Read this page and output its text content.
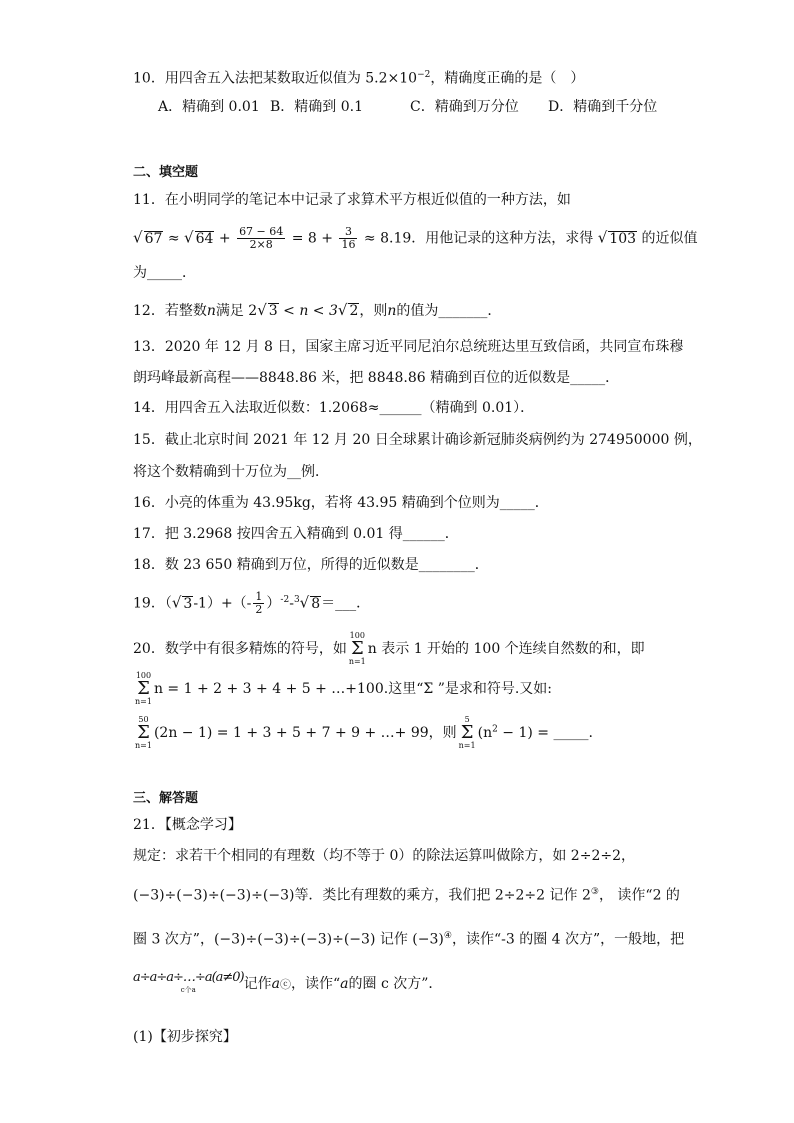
10．用四舍五入法把某数取近似值为 $5.2\times 10^{-2}$，精确度正确的是（　）
A．精确到 0.01 B．精确到 0.1	C．精确到万分位 D．精确到千分位
二、填空题
11．在小明同学的笔记本中记录了求算术平方根近似值的一种方法，如
√ 67 ≈ √ $64 + \frac{67 - 64}{2\times 8} = 8 + \frac{3}{16} \approx 8.19$．用他记录的这种方法，求得 √ 103 的近似值
为_____．
12．若整数n满足 2√ 3 < n < 3√ 2，则n的值为_______．
13．2020 年 12 月 8 日，国家主席习近平同尼泊尔总统班达里互致信函，共同宣布珠穆
朗玛峰最新高程——8848.86 米，把 8848.86 精确到百位的近似数是_____．
14．用四舍五入法取近似数：1.2068≈______（精确到 0.01）．
15．截止北京时间 2021 年 12 月 20 日全球累计确诊新冠肺炎病例约为 274950000 例，
将这个数精确到十万位为__例．
16．小亮的体重为 43.95kg，若将 43.95 精确到个位则为_____．
17．把 3.2968 按四舍五入精确到 0.01 得______．
18．数 23 650 精确到万位，所得的近似数是________．
19．（√ $3-1)+(- \frac{1}{2} )^{-2}-^3√$ 8＝___．
20．数学中有很多精炼的符号，如100
Σ
n=1n 表示 1 开始的 100 个连续自然数的和，即
100
Σ
n=1n = 1 + 2 + 3 + 4 + 5 + …+100.这里“Σ ”是求和符号.又如:
50
Σ
n=1(2n − 1) = 1 + 3 + 5 + 7 + 9 + …+ 99，则5
Σ
$n=1(n^2 - 1)$ = _____.
三、解答题
21．【概念学习】
规定：求若干个相同的有理数（均不等于 0）的除法运算叫做除方，如 2÷2÷2，
(−3)÷(−3)÷(−3)÷(−3)等．类比有理数的乘方，我们把 2÷2÷2 记作 2③， 读作“2 的
圈 3 次方”，(−3)÷(−3)÷(−3)÷(−3) 记作 (−3)④，读作“-3 的圈 4 次方”，一般地，把
a÷a÷a÷…÷a(a≠0)
c个a	记作aⓒ，读作“a的圈 c 次方”．
(1)【初步探究】
